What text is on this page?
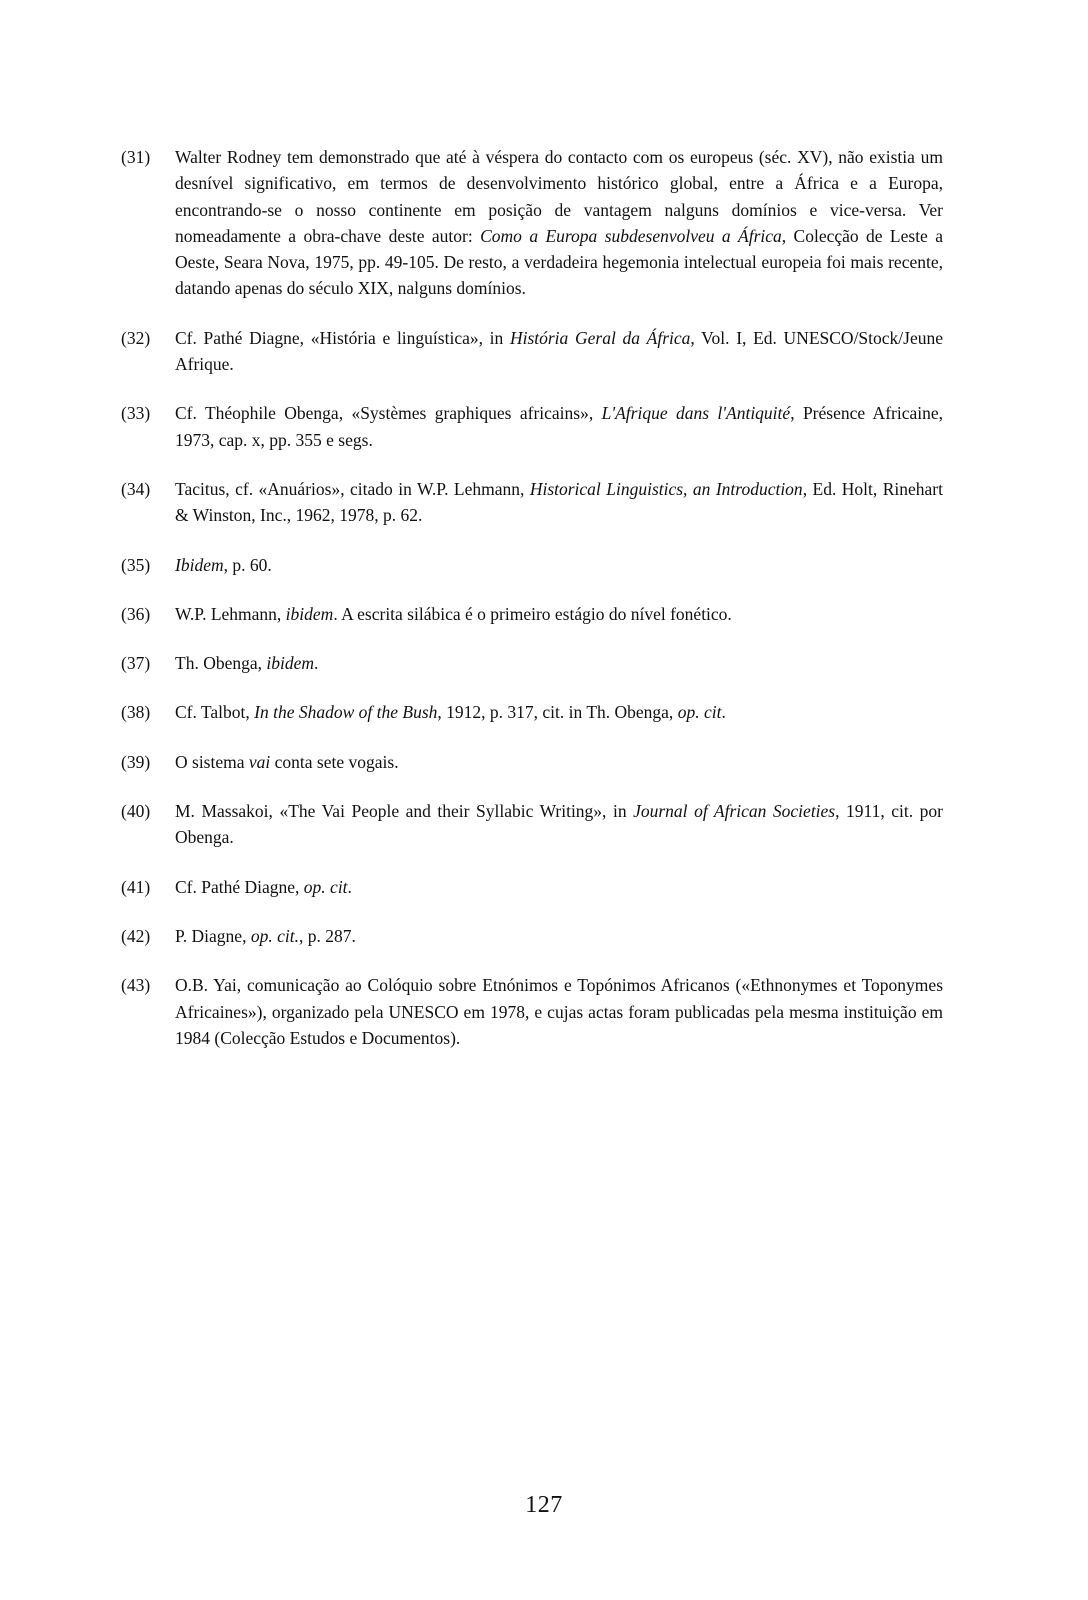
(31)	Walter Rodney tem demonstrado que até à véspera do contacto com os europeus (séc. XV), não existia um desnível significativo, em termos de desenvolvimento histórico global, entre a África e a Europa, encontrando-se o nosso continente em posição de vantagem nalguns domínios e vice-versa. Ver nomeadamente a obra-chave deste autor: Como a Europa subdesenvolveu a África, Colecção de Leste a Oeste, Seara Nova, 1975, pp. 49-105. De resto, a verdadeira hegemonia intelectual europeia foi mais recente, datando apenas do século XIX, nalguns domínios.
(32)	Cf. Pathé Diagne, «História e linguística», in História Geral da África, Vol. I, Ed. UNESCO/Stock/Jeune Afrique.
(33)	Cf. Théophile Obenga, «Systèmes graphiques africains», L'Afrique dans l'Antiquité, Présence Africaine, 1973, cap. x, pp. 355 e segs.
(34)	Tacitus, cf. «Anuários», citado in W.P. Lehmann, Historical Linguistics, an Introduction, Ed. Holt, Rinehart & Winston, Inc., 1962, 1978, p. 62.
(35)	Ibidem, p. 60.
(36)	W.P. Lehmann, ibidem. A escrita silábica é o primeiro estágio do nível fonético.
(37)	Th. Obenga, ibidem.
(38)	Cf. Talbot, In the Shadow of the Bush, 1912, p. 317, cit. in Th. Obenga, op. cit.
(39)	O sistema vai conta sete vogais.
(40)	M. Massakoi, «The Vai People and their Syllabic Writing», in Journal of African Societies, 1911, cit. por Obenga.
(41)	Cf. Pathé Diagne, op. cit.
(42)	P. Diagne, op. cit., p. 287.
(43)	O.B. Yai, comunicação ao Colóquio sobre Etnónimos e Topónimos Africanos («Ethnonymes et Toponymes Africaines»), organizado pela UNESCO em 1978, e cujas actas foram publicadas pela mesma instituição em 1984 (Colecção Estudos e Documentos).
127
